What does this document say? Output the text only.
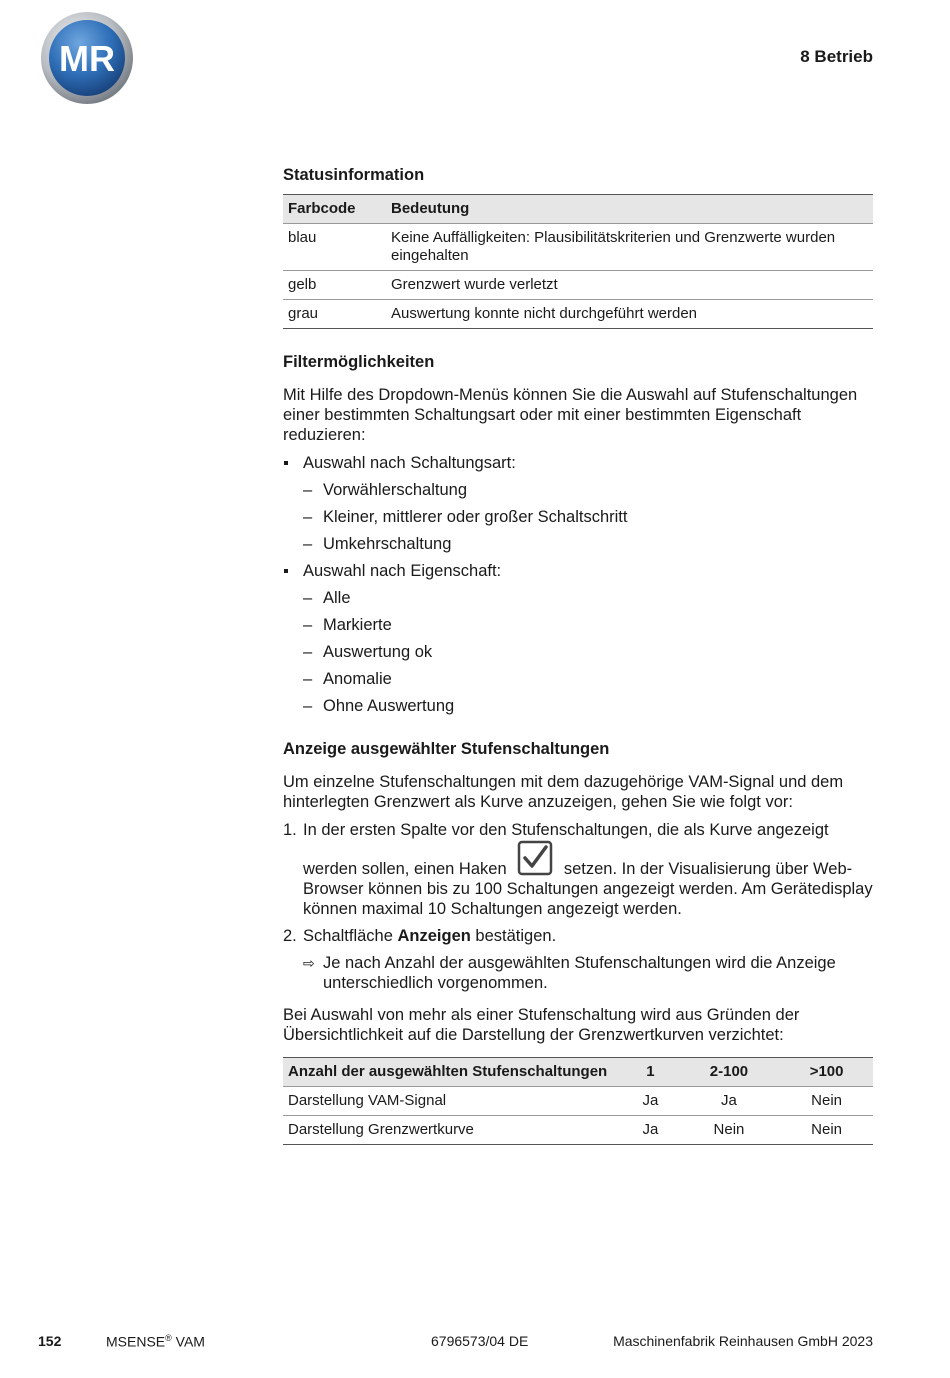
MR	8 Betrieb
Statusinformation
Farbcode	Bedeutung
blau	Keine Auffälligkeiten: Plausibilitätskriterien und Grenzwerte wurden eingehalten
gelb	Grenzwert wurde verletzt
grau	Auswertung konnte nicht durchgeführt werden
Filtermöglichkeiten

Mit Hilfe des Dropdown-Menüs können Sie die Auswahl auf Stufenschaltungen einer bestimmten Schaltungsart oder mit einer bestimmten Eigenschaft reduzieren:

Auswahl nach Schaltungsart:
– Vorwählerschaltung
– Kleiner, mittlerer oder großer Schaltschritt
– Umkehrschaltung
Auswahl nach Eigenschaft:
– Alle
– Markierte
– Auswertung ok
– Anomalie
– Ohne Auswertung
Anzeige ausgewählter Stufenschaltungen

Um einzelne Stufenschaltungen mit dem dazugehörige VAM-Signal und dem hinterlegten Grenzwert als Kurve anzuzeigen, gehen Sie wie folgt vor:

1. In der ersten Spalte vor den Stufenschaltungen, die als Kurve angezeigt werden sollen, einen Haken	setzen. In der Visualisierung über Web-Browser können bis zu 100 Schaltungen angezeigt werden. Am Gerätedisplay können maximal 10 Schaltungen angezeigt werden.
2. Schaltfläche Anzeigen bestätigen.
⇨ Je nach Anzahl der ausgewählten Stufenschaltungen wird die Anzeige unterschiedlich vorgenommen.

Bei Auswahl von mehr als einer Stufenschaltung wird aus Gründen der Übersichtlichkeit auf die Darstellung der Grenzwertkurven verzichtet:

Anzahl der ausgewählten Stufenschaltungen	1	2-100	>100
Darstellung VAM-Signal	Ja	Ja	Nein
Darstellung Grenzwertkurve	Ja	Nein	Nein
152	MSENSE® VAM	6796573/04 DE	Maschinenfabrik Reinhausen GmbH 2023
